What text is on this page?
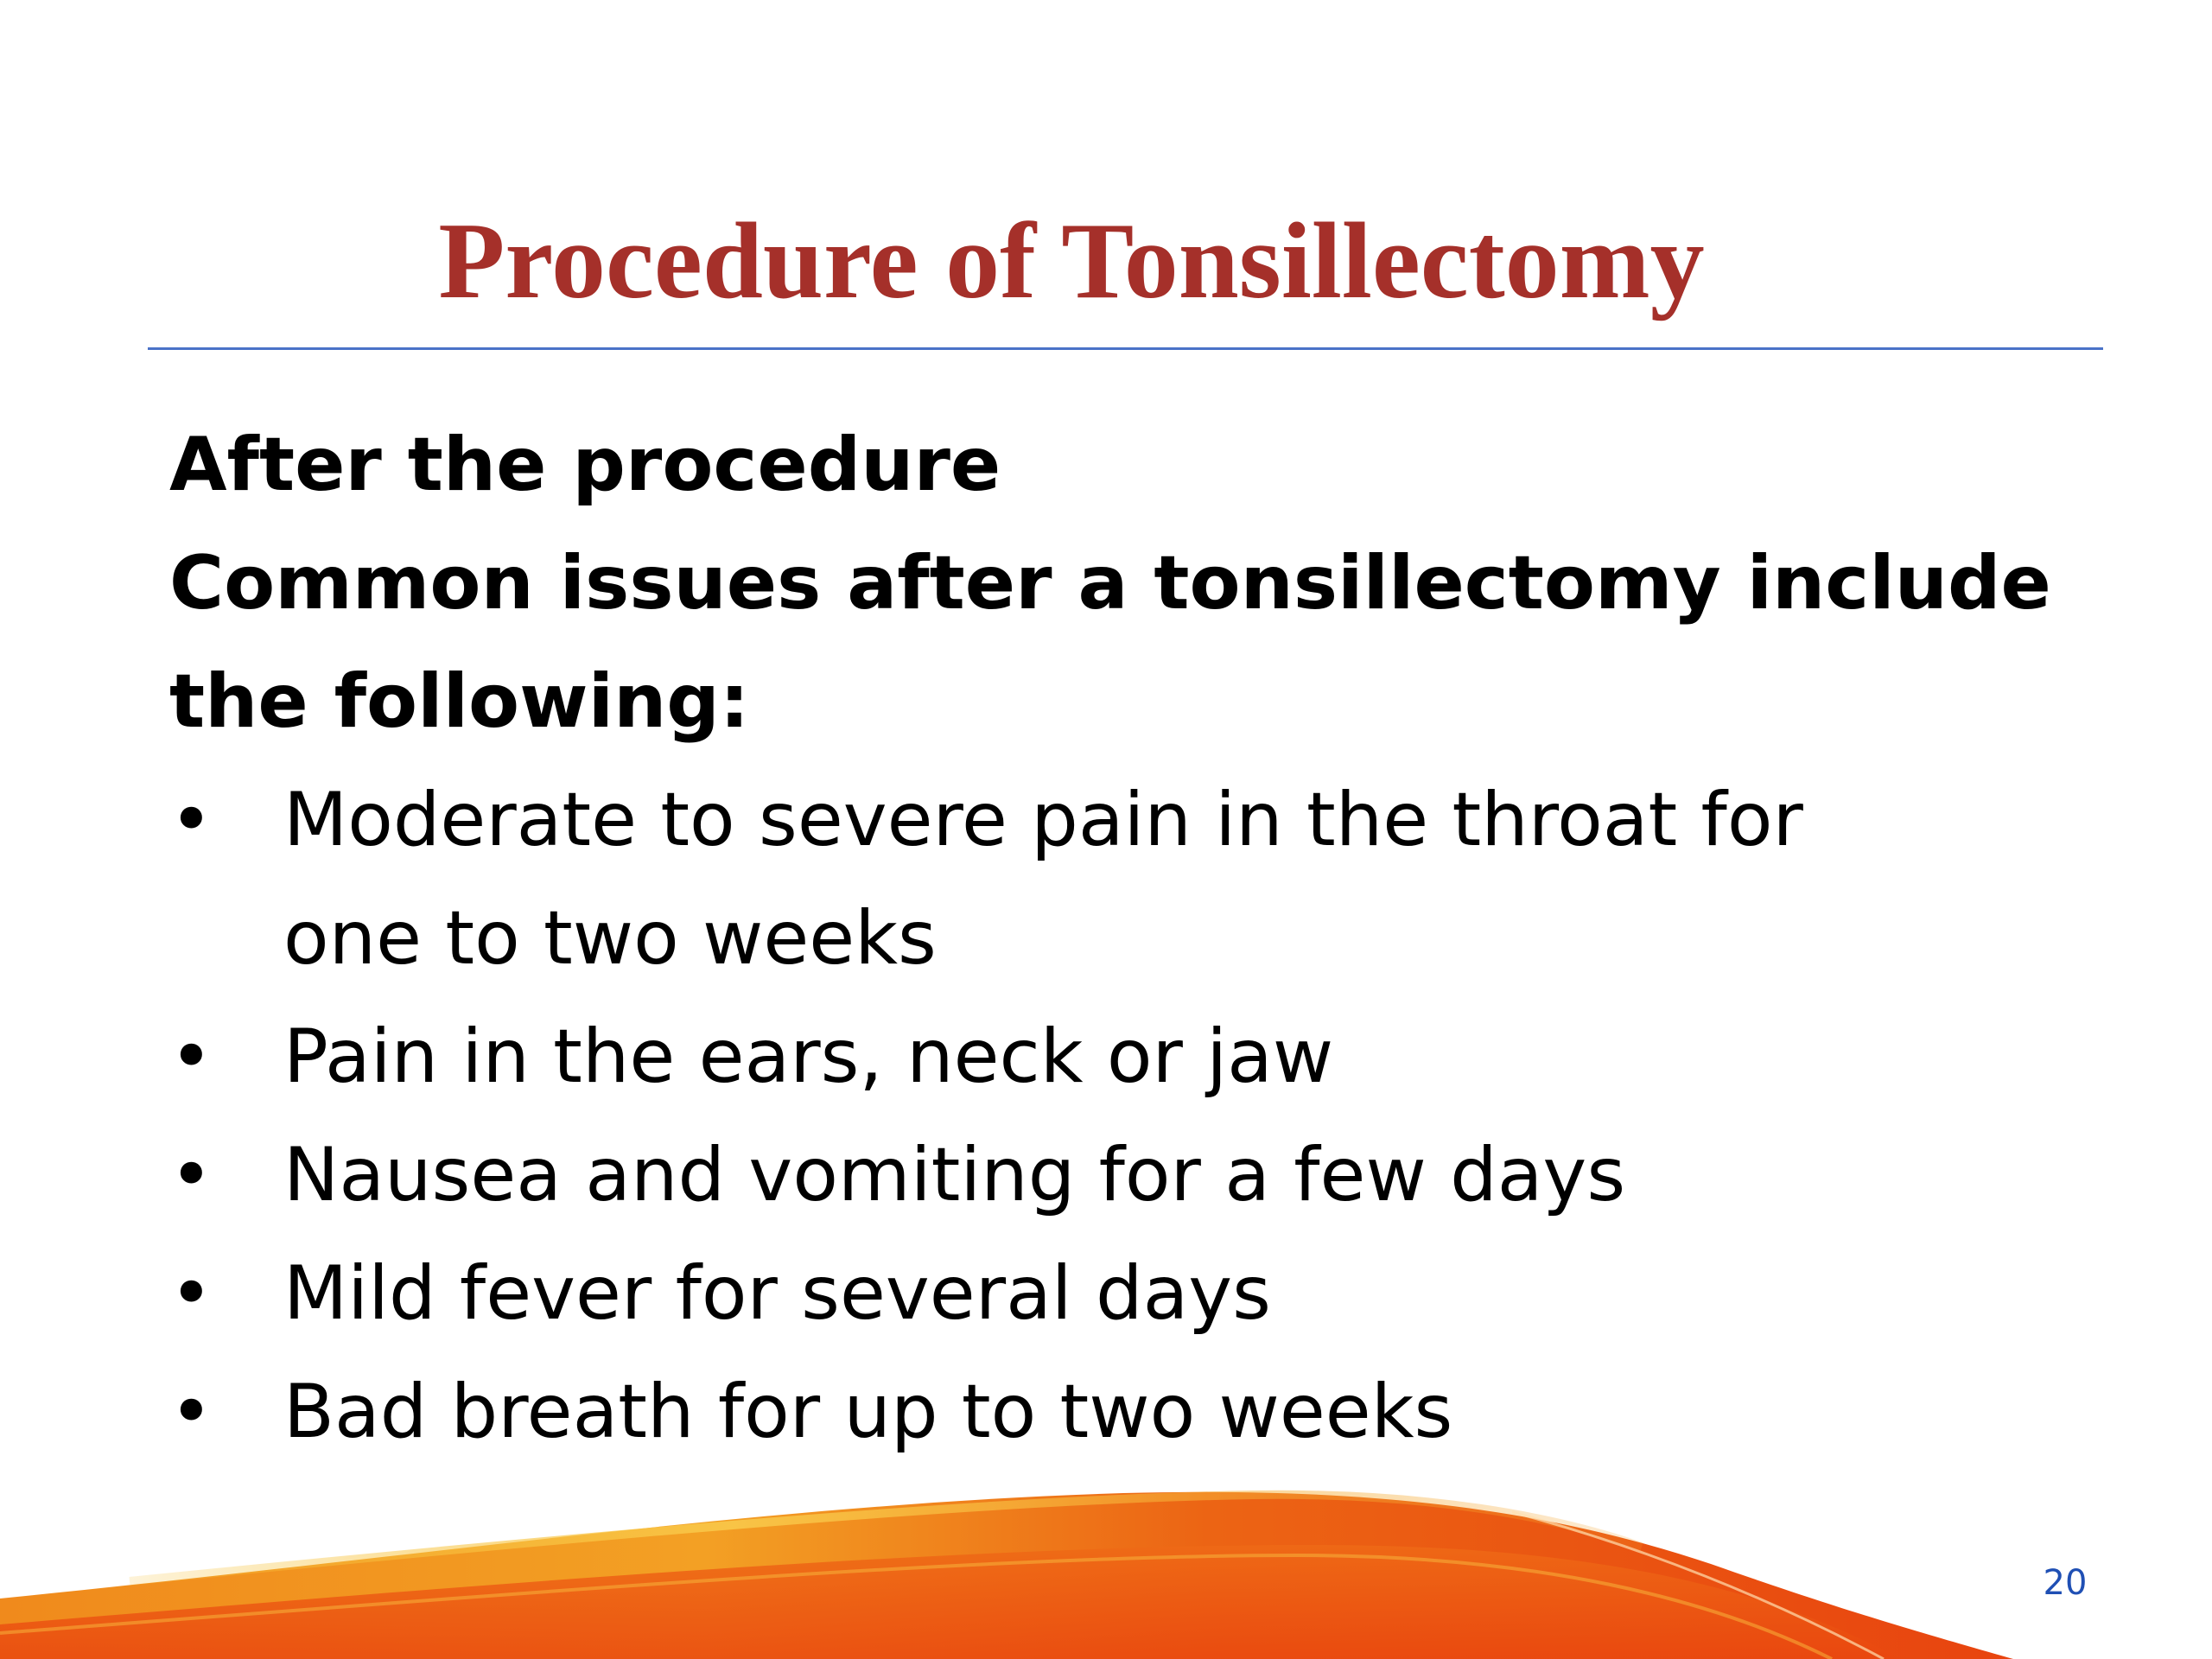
Procedure of Tonsillectomy

After the procedure

Common issues after a tonsillectomy include

the following:

• Moderate to severe pain in the throat for
one to two weeks
• Pain in the ears, neck or jaw
• Nausea and vomiting for a few days
• Mild fever for several days
• Bad breath for up to two weeks
20
